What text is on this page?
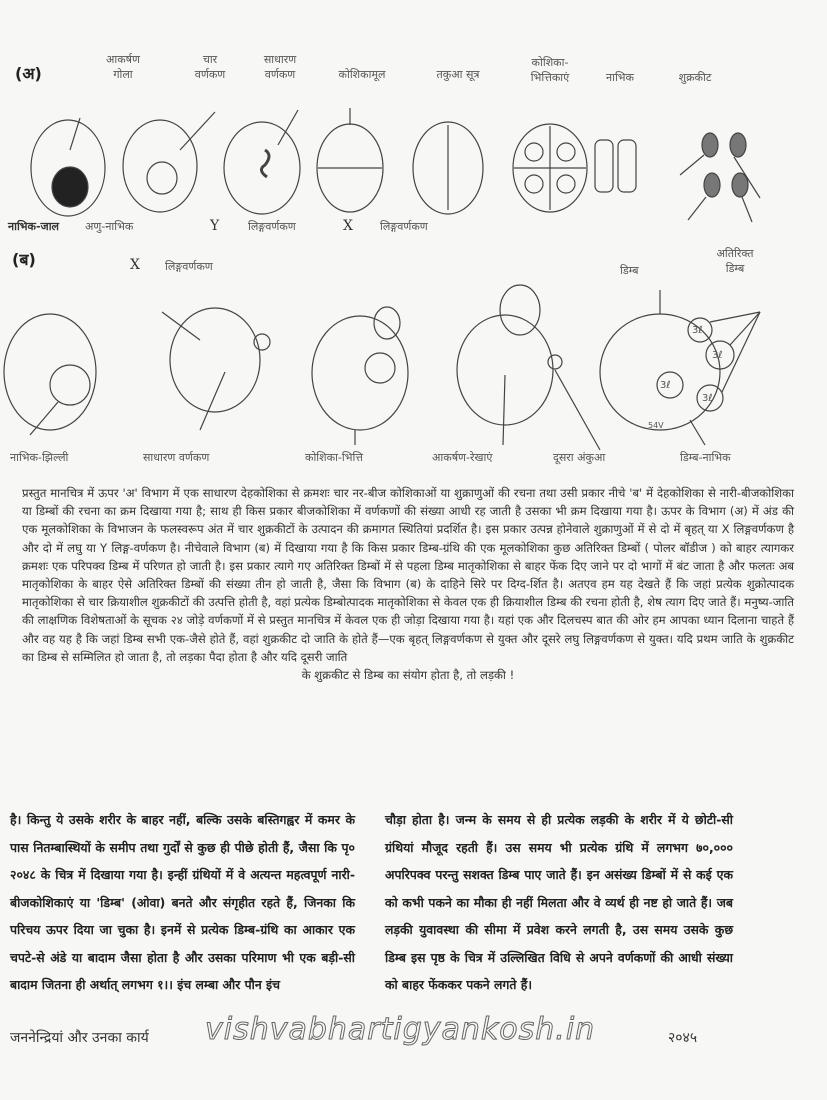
(अ)
आकर्षण
गोला
चार
वर्णकण
साधारण
वर्णकण
	कोशिकामूल	तकुआ सूत्र
कोशिका-
भित्तिकाएं	नाभिक	शुक्रकीट
नाभिक-जाल अणु-नाभिक	Y	लिङ्गवर्णकण	X लिङ्गवर्णकण
(ब)	X लिङ्गवर्णकण	डिम्ब
अतिरिक्त
डिम्ब
3ℓ
3ℓ
3ℓ
3ℓ
54V
नाभिक-झिल्ली	साधारण वर्णकण	कोशिका-भित्ति	आकर्षण-रेखाएं	दूसरा अंकुआ	डिम्ब-नाभिक
प्रस्तुत मानचित्र में ऊपर 'अ' विभाग में एक साधारण देहकोशिका से क्रमशः चार नर-बीज कोशिकाओं या शुक्राणुओं की रचना तथा उसी प्रकार नीचे 'ब' में देहकोशिका से नारी-बीजकोशिका या डिम्बों की रचना का क्रम दिखाया गया है; साथ ही किस प्रकार बीजकोशिका में वर्णकणों की संख्या आधी रह जाती है उसका भी क्रम दिखाया गया है। ऊपर के विभाग (अ) में अंड की एक मूलकोशिका के विभाजन के फलस्वरूप अंत में चार शुक्रकीटों के उत्पादन की क्रमागत स्थितियां प्रदर्शित है। इस प्रकार उत्पन्न होनेवाले शुक्राणुओं में से दो में बृहत् या X लिङ्गवर्णकण है और दो में लघु या Y लिङ्ग-वर्णकण है। नीचेवाले विभाग (ब) में दिखाया गया है कि किस प्रकार डिम्ब-ग्रंथि की एक मूलकोशिका कुछ अतिरिक्त डिम्बों ( पोलर बॉडीज ) को बाहर त्यागकर क्रमशः एक परिपक्व डिम्ब में परिणत हो जाती है। इस प्रकार त्यागे गए अतिरिक्त डिम्बों में से पहला डिम्ब मातृकोशिका से बाहर फेंक दिए जाने पर दो भागों में बंट जाता है और फलतः अब मातृकोशिका के बाहर ऐसे अतिरिक्त डिम्बों की संख्या तीन हो जाती है, जैसा कि विभाग (ब) के दाहिने सिरे पर दिग्द-र्शित है। अतएव हम यह देखते हैं कि जहां प्रत्येक शुक्रोत्पादक मातृकोशिका से चार क्रियाशील शुक्रकीटों की उत्पत्ति होती है, वहां प्रत्येक डिम्बोत्पादक मातृकोशिका से केवल एक ही क्रियाशील डिम्ब की रचना होती है, शेष त्याग दिए जाते हैं। मनुष्य-जाति की लाक्षणिक विशेषताओं के सूचक २४ जोड़े वर्णकणों में से प्रस्तुत मानचित्र में केवल एक ही जोड़ा दिखाया गया है। यहां एक और दिलचस्प बात की ओर हम आपका ध्यान दिलाना चाहते हैं और वह यह है कि जहां डिम्ब सभी एक-जैसे होते हैं, वहां शुक्रकीट दो जाति के होते हैं—एक बृहत् लिङ्गवर्णकण से युक्त और दूसरे लघु लिङ्गवर्णकण से युक्त। यदि प्रथम जाति के शुक्रकीट का डिम्ब से सम्मिलित हो जाता है, तो लड़का पैदा होता है और यदि दूसरी जाति
के शुक्रकीट से डिम्ब का संयोग होता है, तो लड़की !
है। किन्तु ये उसके शरीर के बाहर नहीं, बल्कि उसके बस्तिगह्वर में कमर के पास नितम्बास्थियों के समीप तथा गुर्दों से कुछ ही पीछे होती हैं, जैसा कि पृ० २०४८ के चित्र में दिखाया गया है। इन्हीं ग्रंथियों में वे अत्यन्त महत्वपूर्ण नारी-बीजकोशिकाएं या 'डिम्ब' (ओवा) बनते और संगृहीत रहते हैं, जिनका कि परिचय ऊपर दिया जा चुका है। इनमें से प्रत्येक डिम्ब-ग्रंथि का आकार एक चपटे-से अंडे या बादाम जैसा होता है और उसका परिमाण भी एक बड़ी-सी बादाम जितना ही अर्थात् लगभग १।। इंच लम्बा और पौन इंच
चौड़ा होता है। जन्म के समय से ही प्रत्येक लड़की के शरीर में ये छोटी-सी ग्रंथियां मौजूद रहती हैं। उस समय भी प्रत्येक ग्रंथि में लगभग ७०,००० अपरिपक्व परन्तु सशक्त डिम्ब पाए जाते हैं। इन असंख्य डिम्बों में से कई एक को कभी पकने का मौका ही नहीं मिलता और वे व्यर्थ ही नष्ट हो जाते हैं। जब लड़की युवावस्था की सीमा में प्रवेश करने लगती है, उस समय उसके कुछ डिम्ब इस पृष्ठ के चित्र में उल्लिखित विधि से अपने वर्णकणों की आधी संख्या को बाहर फेंककर पकने लगते हैं।
vishvabhartigyankosh.in
जननेन्द्रियां और उनका कार्य	२०४५
